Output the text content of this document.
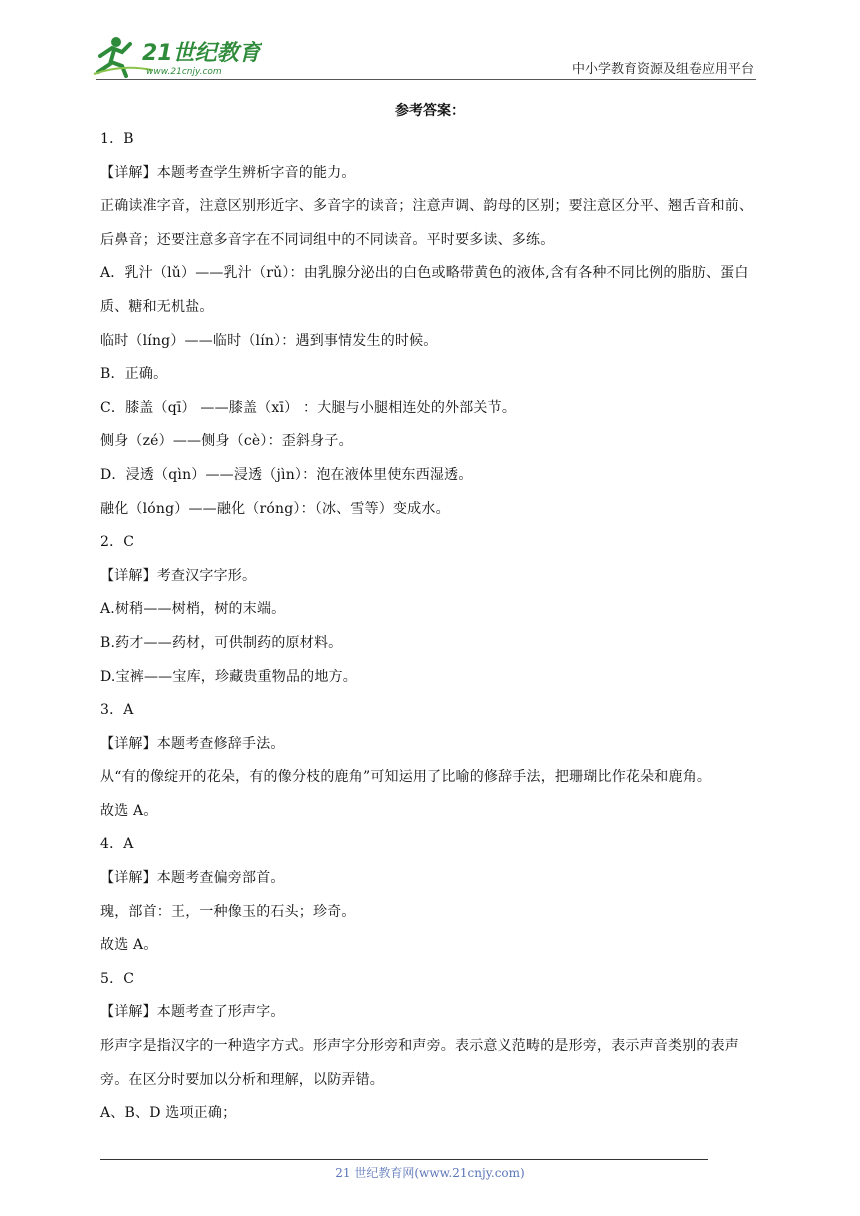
21世纪教育
www.21cnjy.com	中小学教育资源及组卷应用平台
参考答案：
1．B
【详解】本题考查学生辨析字音的能力。
正确读准字音，注意区别形近字、多音字的读音；注意声调、韵母的区别；要注意区分平、翘舌音和前、后鼻音；还要注意多音字在不同词组中的不同读音。平时要多读、多练。
A．乳汁（lǔ）——乳汁（rǔ）：由乳腺分泌出的白色或略带黄色的液体,含有各种不同比例的脂肪、蛋白质、糖和无机盐。
临时（líng）——临时（lín）：遇到事情发生的时候。
B．正确。
C．膝盖（qī） ——膝盖（xī） ：大腿与小腿相连处的外部关节。
侧身（zé）——侧身（cè）：歪斜身子。
D．浸透（qìn）——浸透（jìn）：泡在液体里使东西湿透。
融化（lóng）——融化（róng）：（冰、雪等）变成水。
2．C
【详解】考查汉字字形。
A.树稍——树梢，树的末端。
B.药才——药材，可供制药的原材料。
D.宝裤——宝库，珍藏贵重物品的地方。
3．A
【详解】本题考查修辞手法。
从“有的像绽开的花朵，有的像分枝的鹿角”可知运用了比喻的修辞手法，把珊瑚比作花朵和鹿角。
故选 A。
4．A
【详解】本题考查偏旁部首。
瑰，部首：王，一种像玉的石头；珍奇。
故选 A。
5．C
【详解】本题考查了形声字。
形声字是指汉字的一种造字方式。形声字分形旁和声旁。表示意义范畴的是形旁，表示声音类别的表声旁。在区分时要加以分析和理解，以防弄错。
A、B、D 选项正确；
21 世纪教育网(www.21cnjy.com)
